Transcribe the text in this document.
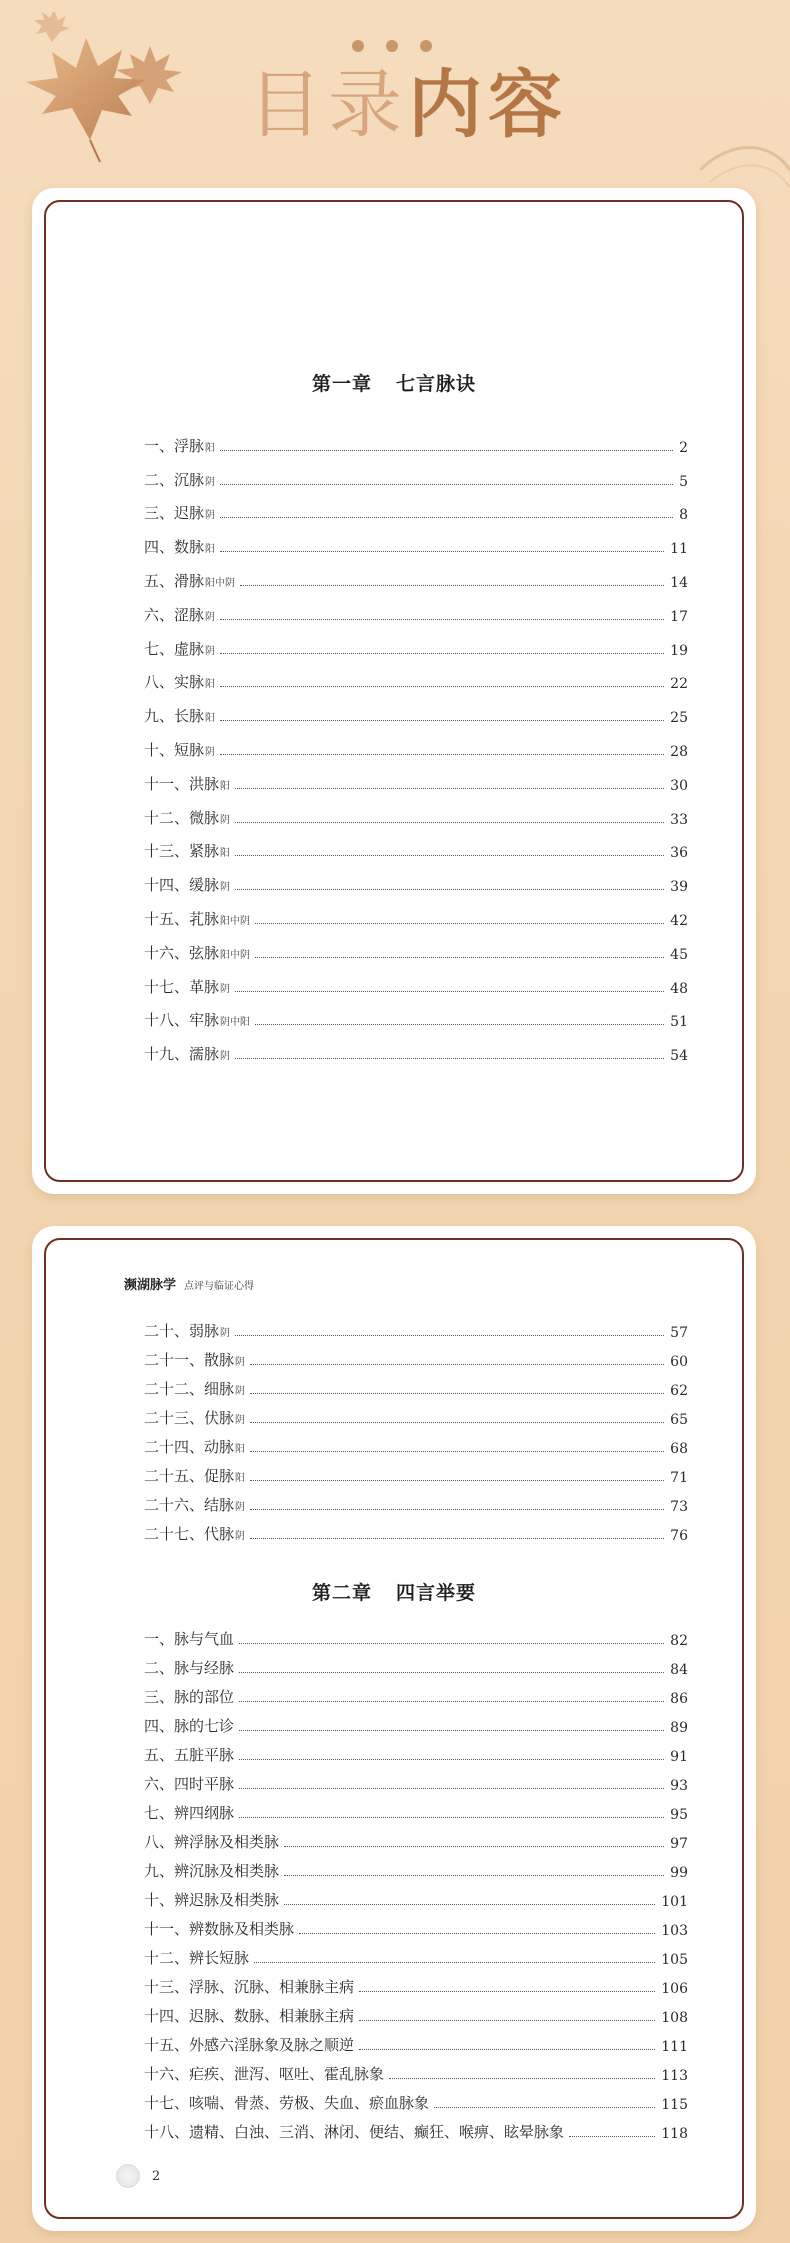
目录内容
第一章 七言脉诀
一、浮脉阳	2
二、沉脉阴	5
三、迟脉阴	8
四、数脉阳	11
五、滑脉阳中阴	14
六、涩脉阴	17
七、虚脉阴	19
八、实脉阳	22
九、长脉阳	25
十、短脉阴	28
十一、洪脉阳	30
十二、微脉阴	33
十三、紧脉阳	36
十四、缓脉阴	39
十五、芤脉阳中阴	42
十六、弦脉阳中阴	45
十七、革脉阴	48
十八、牢脉阴中阳	51
十九、濡脉阴	54
濒湖脉学 点评与临证心得
二十、弱脉阴	57
二十一、散脉阴	60
二十二、细脉阴	62
二十三、伏脉阴	65
二十四、动脉阳	68
二十五、促脉阳	71
二十六、结脉阴	73
二十七、代脉阴	76
第二章 四言举要
一、脉与气血	82
二、脉与经脉	84
三、脉的部位	86
四、脉的七诊	89
五、五脏平脉	91
六、四时平脉	93
七、辨四纲脉	95
八、辨浮脉及相类脉	97
九、辨沉脉及相类脉	99
十、辨迟脉及相类脉	101
十一、辨数脉及相类脉	103
十二、辨长短脉	105
十三、浮脉、沉脉、相兼脉主病	106
十四、迟脉、数脉、相兼脉主病	108
十五、外感六淫脉象及脉之顺逆	111
十六、疟疾、泄泻、呕吐、霍乱脉象	113
十七、咳喘、骨蒸、劳极、失血、瘀血脉象	115
十八、遗精、白浊、三消、淋闭、便结、癫狂、喉痹、眩晕脉象	118
2
